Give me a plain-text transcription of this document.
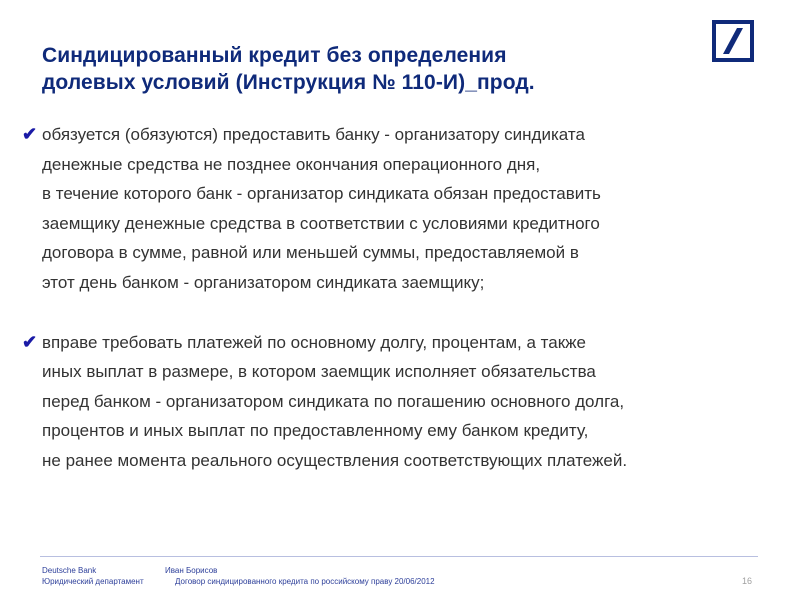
Синдицированный кредит без определения
долевых условий (Инструкция № 110-И)_прод.
✔ обязуется (обязуются) предоставить банку - организатору синдиката
денежные средства не позднее окончания операционного дня,
в течение которого банк - организатор синдиката обязан предоставить
заемщику денежные средства в соответствии с условиями кредитного
договора в сумме, равной или меньшей суммы, предоставляемой в
этот день банком - организатором синдиката заемщику;
✔ вправе требовать платежей по основному долгу, процентам, а также
иных выплат в размере, в котором заемщик исполняет обязательства
перед банком - организатором синдиката по погашению основного долга,
процентов и иных выплат по предоставленному ему банком кредиту,
не ранее момента реального осуществления соответствующих платежей.
Deutsche Bank	Иван Борисов
Юридический департамент	Договор синдицированного кредита по российскому праву 20/06/2012	16
